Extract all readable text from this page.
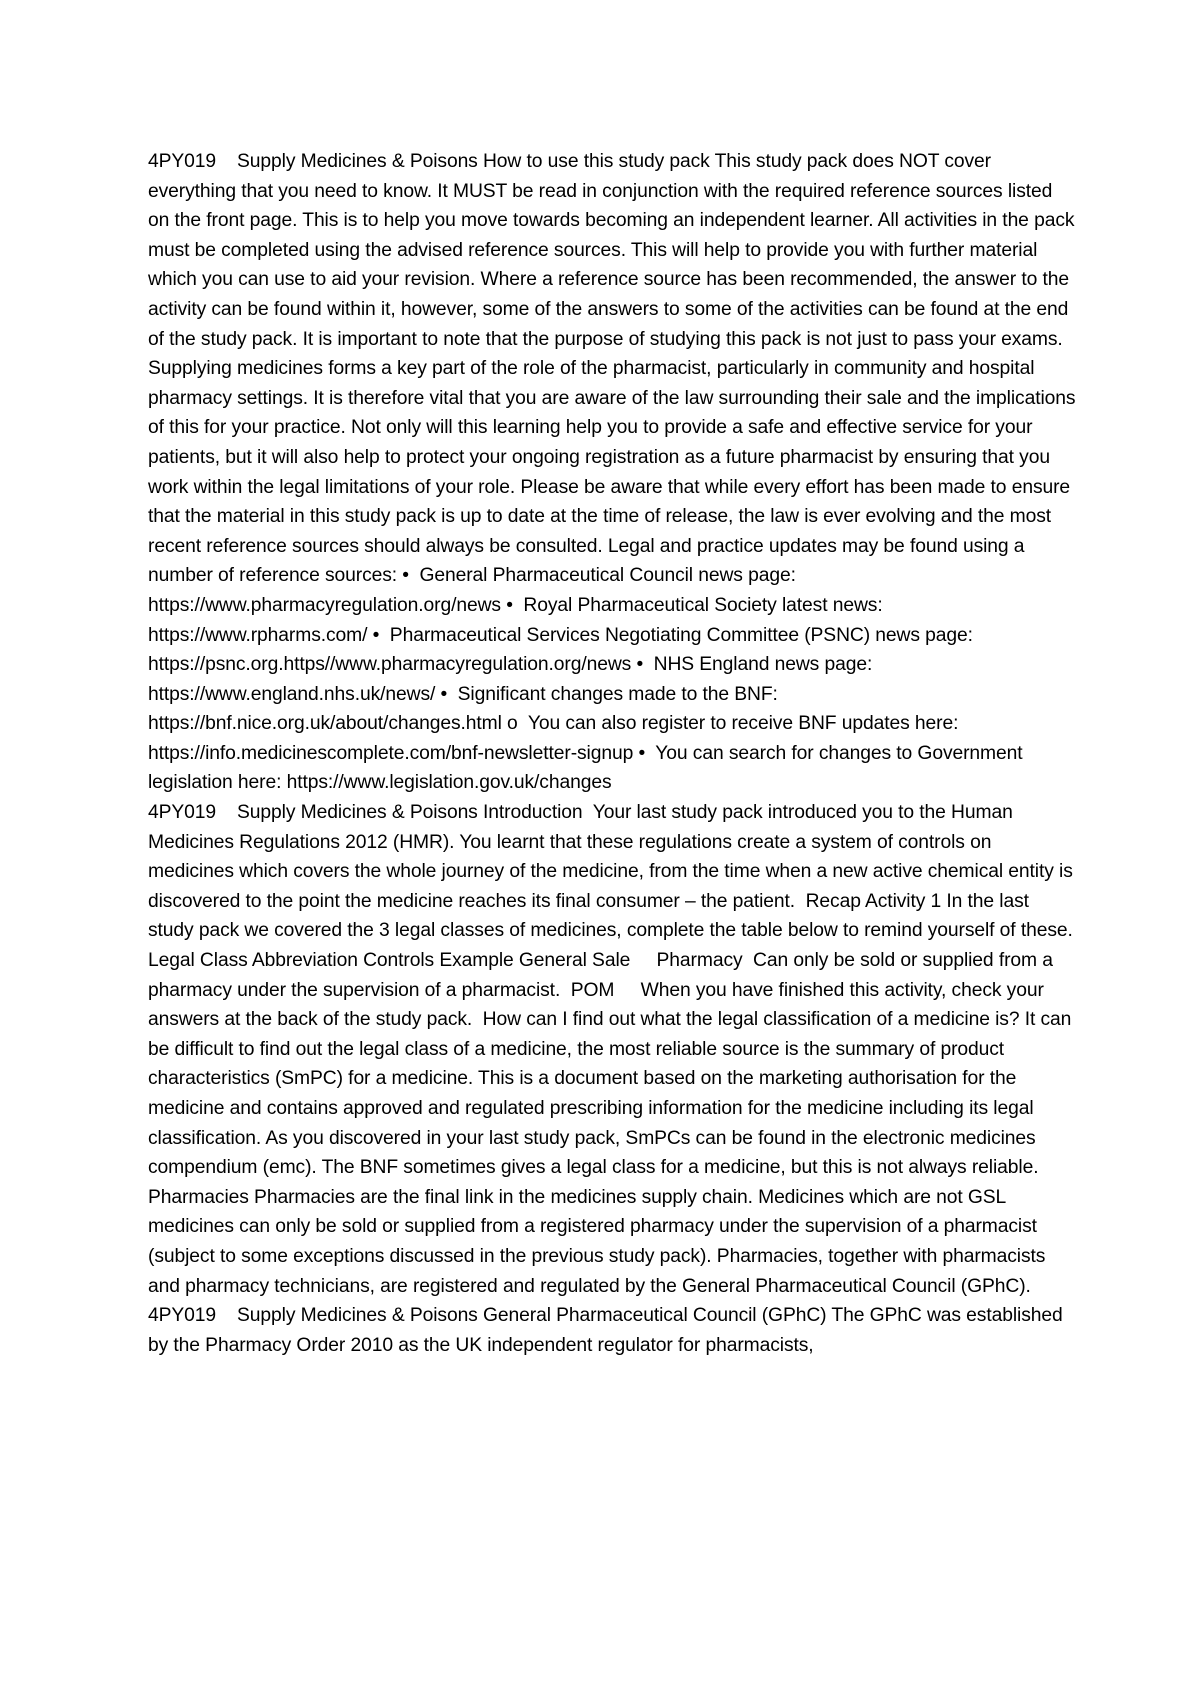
4PY019    Supply Medicines & Poisons How to use this study pack This study pack does NOT cover everything that you need to know. It MUST be read in conjunction with the required reference sources listed on the front page. This is to help you move towards becoming an independent learner. All activities in the pack must be completed using the advised reference sources. This will help to provide you with further material which you can use to aid your revision. Where a reference source has been recommended, the answer to the activity can be found within it, however, some of the answers to some of the activities can be found at the end of the study pack. It is important to note that the purpose of studying this pack is not just to pass your exams. Supplying medicines forms a key part of the role of the pharmacist, particularly in community and hospital pharmacy settings. It is therefore vital that you are aware of the law surrounding their sale and the implications of this for your practice. Not only will this learning help you to provide a safe and effective service for your patients, but it will also help to protect your ongoing registration as a future pharmacist by ensuring that you work within the legal limitations of your role. Please be aware that while every effort has been made to ensure that the material in this study pack is up to date at the time of release, the law is ever evolving and the most recent reference sources should always be consulted. Legal and practice updates may be found using a number of reference sources: •  General Pharmaceutical Council news page: https://www.pharmacyregulation.org/news •  Royal Pharmaceutical Society latest news: https://www.rpharms.com/ •  Pharmaceutical Services Negotiating Committee (PSNC) news page: https://psnc.org.https//www.pharmacyregulation.org/news •  NHS England news page: https://www.england.nhs.uk/news/ •  Significant changes made to the BNF: https://bnf.nice.org.uk/about/changes.html o  You can also register to receive BNF updates here: https://info.medicinescomplete.com/bnf-newsletter-signup •  You can search for changes to Government legislation here: https://www.legislation.gov.uk/changes

4PY019    Supply Medicines & Poisons Introduction  Your last study pack introduced you to the Human Medicines Regulations 2012 (HMR). You learnt that these regulations create a system of controls on medicines which covers the whole journey of the medicine, from the time when a new active chemical entity is discovered to the point the medicine reaches its final consumer – the patient.  Recap Activity 1 In the last study pack we covered the 3 legal classes of medicines, complete the table below to remind yourself of these.  Legal Class Abbreviation Controls Example General Sale     Pharmacy  Can only be sold or supplied from a pharmacy under the supervision of a pharmacist.  POM     When you have finished this activity, check your answers at the back of the study pack.  How can I find out what the legal classification of a medicine is? It can be difficult to find out the legal class of a medicine, the most reliable source is the summary of product characteristics (SmPC) for a medicine. This is a document based on the marketing authorisation for the medicine and contains approved and regulated prescribing information for the medicine including its legal classification. As you discovered in your last study pack, SmPCs can be found in the electronic medicines compendium (emc). The BNF sometimes gives a legal class for a medicine, but this is not always reliable.  Pharmacies Pharmacies are the final link in the medicines supply chain. Medicines which are not GSL medicines can only be sold or supplied from a registered pharmacy under the supervision of a pharmacist (subject to some exceptions discussed in the previous study pack). Pharmacies, together with pharmacists and pharmacy technicians, are registered and regulated by the General Pharmaceutical Council (GPhC).

4PY019    Supply Medicines & Poisons General Pharmaceutical Council (GPhC) The GPhC was established by the Pharmacy Order 2010 as the UK independent regulator for pharmacists,
